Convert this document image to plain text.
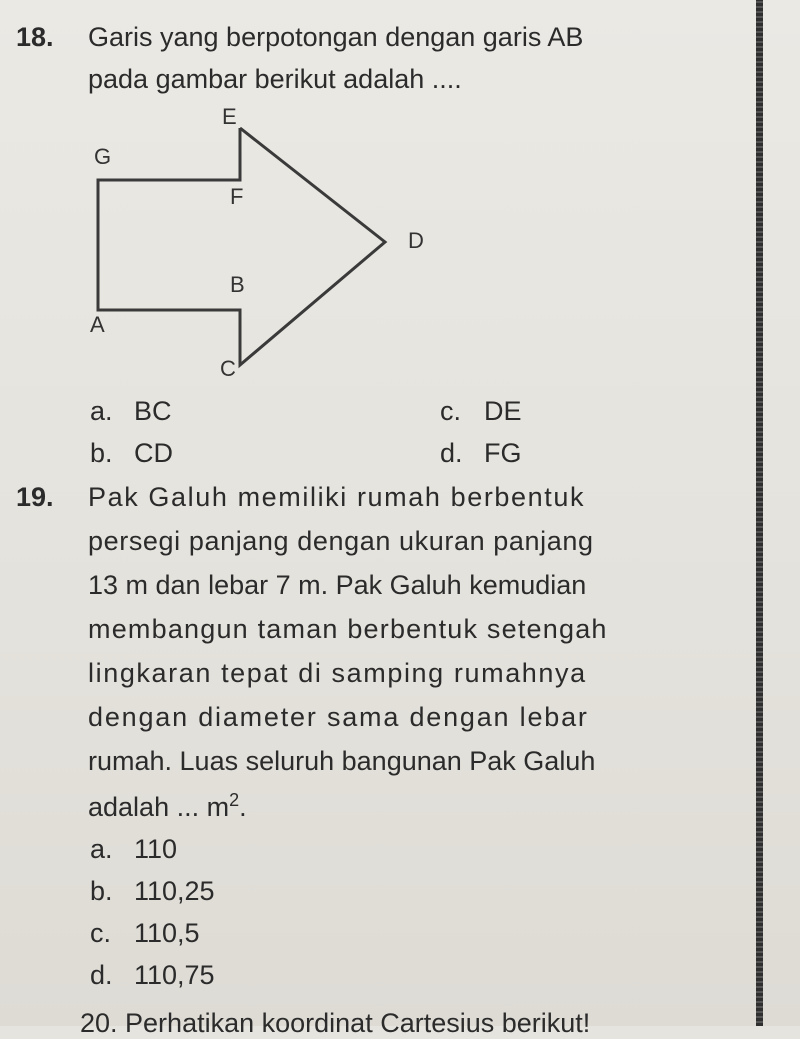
18. Garis yang berpotongan dengan garis AB
pada gambar berikut adalah ....
E
G
F
D
B
A
C
a. BC
b. CD
c. DE
d. FG
19. Pak Galuh memiliki rumah berbentuk
persegi panjang dengan ukuran panjang
13 m dan lebar 7 m. Pak Galuh kemudian
membangun taman berbentuk setengah
lingkaran tepat di samping rumahnya
dengan diameter sama dengan lebar
rumah. Luas seluruh bangunan Pak Galuh
adalah ... $m^2$.
a. 110
b. 110,25
c. 110,5
d. 110,75
20. Perhatikan koordinat Cartesius berikut!
